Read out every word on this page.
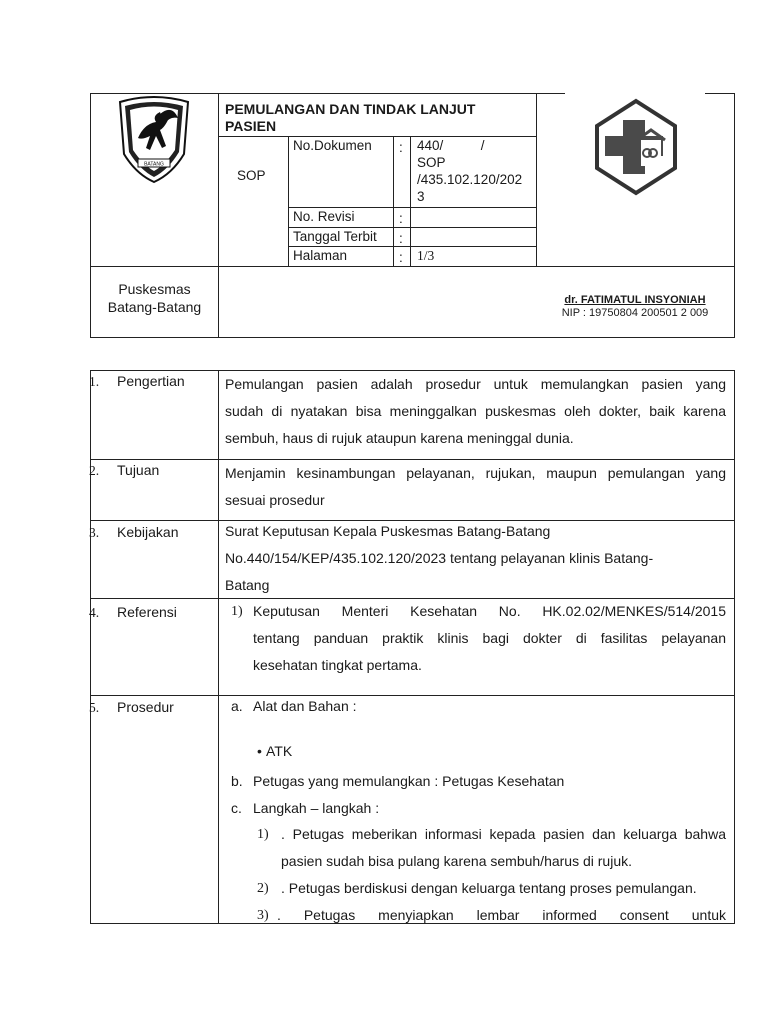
BATANG
PEMULANGAN DAN TINDAK LANJUT
PASIEN
SOP
No.Dokumen : 440/          /
SOP
/435.102.120/202
3
No. Revisi	:
Tanggal Terbit :
Halaman	: 1/3
Puskesmas
Batang-Batang	dr. FATIMATUL INSYONIAH
NIP : 19750804 200501 2 009
1. Pengertian	Pemulangan pasien adalah prosedur untuk memulangkan pasien yang
sudah di nyatakan bisa meninggalkan puskesmas oleh dokter, baik karena
sembuh, haus di rujuk ataupun karena meninggal dunia.
2. Tujuan	Menjamin kesinambungan pelayanan, rujukan, maupun pemulangan yang
sesuai prosedur
3. Kebijakan	Surat Keputusan Kepala Puskesmas Batang-Batang
No.440/154/KEP/435.102.120/2023 tentang pelayanan klinis Batang-
Batang
4. Referensi	1) Keputusan Menteri Kesehatan No. HK.02.02/MENKES/514/2015
tentang panduan praktik klinis bagi dokter di fasilitas pelayanan
kesehatan tingkat pertama.
5. Prosedur	a. Alat dan Bahan :
• ATK
b. Petugas yang memulangkan : Petugas Kesehatan
c. Langkah – langkah :
1) . Petugas meberikan informasi kepada pasien dan keluarga bahwa
pasien sudah bisa pulang karena sembuh/harus di rujuk.
2) . Petugas berdiskusi dengan keluarga tentang proses pemulangan.
3) . Petugas menyiapkan lembar informed consent untuk
